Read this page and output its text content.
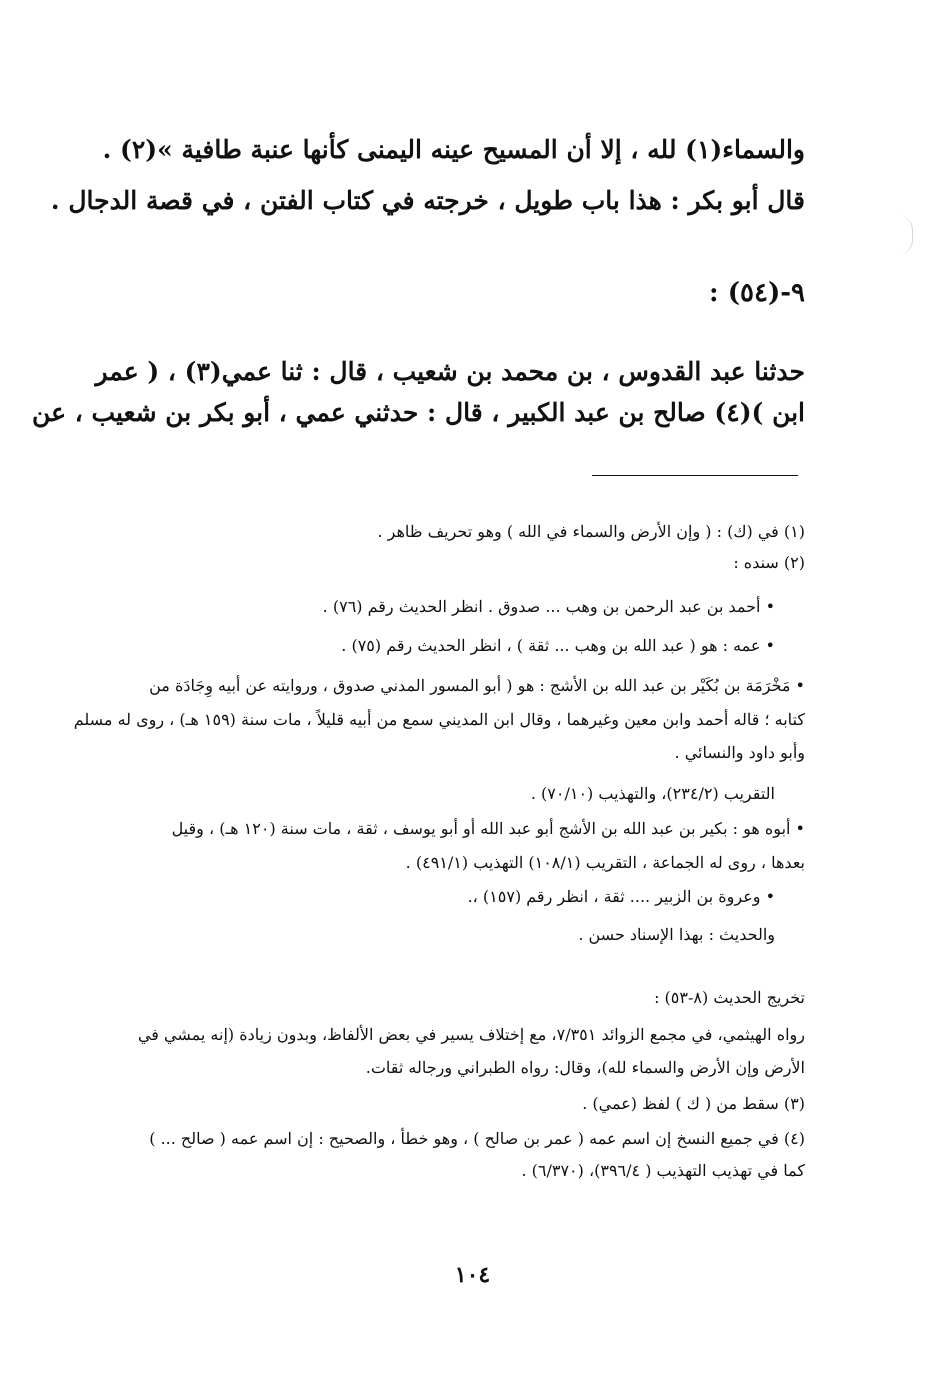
والسماء(١) لله ، إلا أن المسيح عينه اليمنى كأنها عنبة طافية »(٢) .
قال أبو بكر : هذا باب طويل ، خرجته في كتاب الفتن ، في قصة الدجال .
٩-(٥٤) :
حدثنا عبد القدوس ، بن محمد بن شعيب ، قال : ثنا عمي(٣) ، ( عمر
ابن )(٤) صالح بن عبد الكبير ، قال : حدثني عمي ، أبو بكر بن شعيب ، عن
(١) في (ك) : ( وإن الأرض والسماء في الله ) وهو تحريف ظاهر .
(٢) سنده :
• أحمد بن عبد الرحمن بن وهب ... صدوق . انظر الحديث رقم (٧٦) .
• عمه : هو ( عبد الله بن وهب ... ثقة ) ، انظر الحديث رقم (٧٥) .
• مَخْرَمَة بن بُكَيْر بن عبد الله بن الأشج : هو ( أبو المسور المدني صدوق ، وروايته عن أبيه وِجَادَة من
كتابه ؛ قاله أحمد وابن معين وغيرهما ، وقال ابن المديني سمع من أبيه قليلاً ، مات سنة (١٥٩ هـ) ، روى له مسلم
وأبو داود والنسائي .
التقريب (٢٣٤/٢)، والتهذيب (٧٠/١٠) .
• أبوه هو : بكير بن عبد الله بن الأشج أبو عبد الله أو أبو يوسف ، ثقة ، مات سنة (١٢٠ هـ) ، وقيل
بعدها ، روى له الجماعة ، التقريب (١٠٨/١) التهذيب (٤٩١/١) .
• وعروة بن الزبير .... ثقة ، انظر رقم (١٥٧) ،.
والحديث : بهذا الإسناد حسن .
تخريج الحديث (٨-٥٣) :
رواه الهيثمي، في مجمع الزوائد ٧/٣٥١، مع إختلاف يسير في بعض الألفاظ، وبدون زيادة (إنه يمشي في
الأرض وإن الأرض والسماء لله)، وقال: رواه الطبراني ورجاله ثقات.
(٣) سقط من ( ك ) لفظ (عمي) .
(٤) في جميع النسخ إن اسم عمه ( عمر بن صالح ) ، وهو خطأ ، والصحيح : إن اسم عمه ( صالح ... )
كما في تهذيب التهذيب ( ٣٩٦/٤)، (٦/٣٧٠) .
١٠٤
